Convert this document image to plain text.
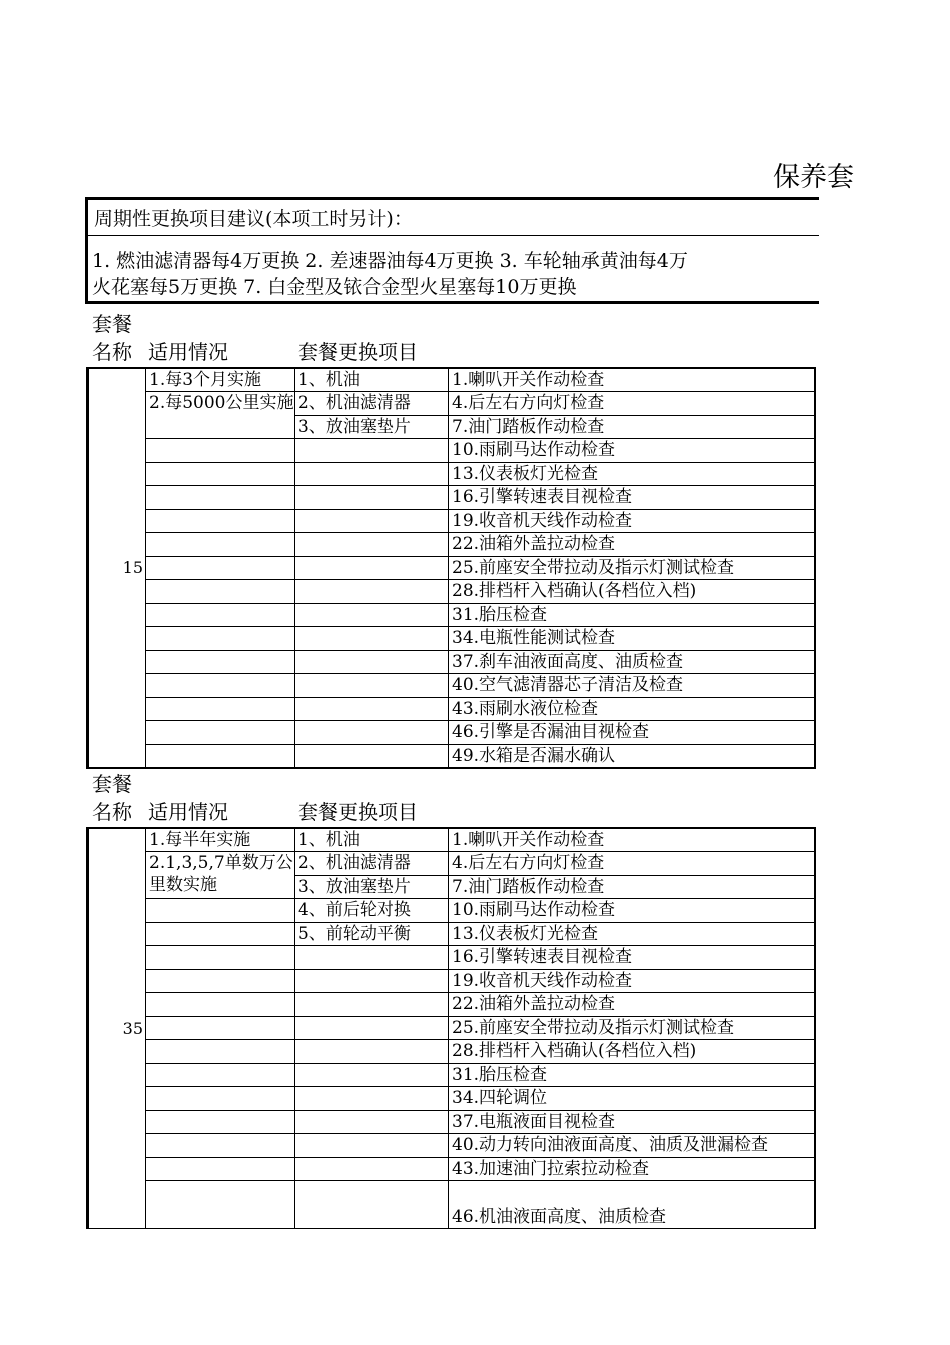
保养套
周期性更换项目建议(本项工时另计)：
1. 燃油滤清器每4万更换 2. 差速器油每4万更换 3. 车轮轴承黄油每4万
火花塞每5万更换 7. 白金型及铱合金型火星塞每10万更换
套餐
名称 适用情况	套餐更换项目
15	1.每3个月实施	1、机油	1.喇叭开关作动检查
	2.每5000公里实施	2、机油滤清器	4.后左右方向灯检查
		3、放油塞垫片	7.油门踏板作动检查
			10.雨刷马达作动检查
			13.仪表板灯光检查
			16.引擎转速表目视检查
			19.收音机天线作动检查
			22.油箱外盖拉动检查
			25.前座安全带拉动及指示灯测试检查
			28.排档杆入档确认(各档位入档)
			31.胎压检查
			34.电瓶性能测试检查
			37.刹车油液面高度、油质检查
			40.空气滤清器芯子清洁及检查
			43.雨刷水液位检查
			46.引擎是否漏油目视检查
			49.水箱是否漏水确认
套餐
名称 适用情况	套餐更换项目
35	1.每半年实施	1、机油	1.喇叭开关作动检查
	2.1,3,5,7单数万公里数实施	2、机油滤清器	4.后左右方向灯检查
		3、放油塞垫片	7.油门踏板作动检查
		4、前后轮对换	10.雨刷马达作动检查
		5、前轮动平衡	13.仪表板灯光检查
			16.引擎转速表目视检查
			19.收音机天线作动检查
			22.油箱外盖拉动检查
			25.前座安全带拉动及指示灯测试检查
			28.排档杆入档确认(各档位入档)
			31.胎压检查
			34.四轮调位
			37.电瓶液面目视检查
			40.动力转向油液面高度、油质及泄漏检查
			43.加速油门拉索拉动检查
			46.机油液面高度、油质检查
